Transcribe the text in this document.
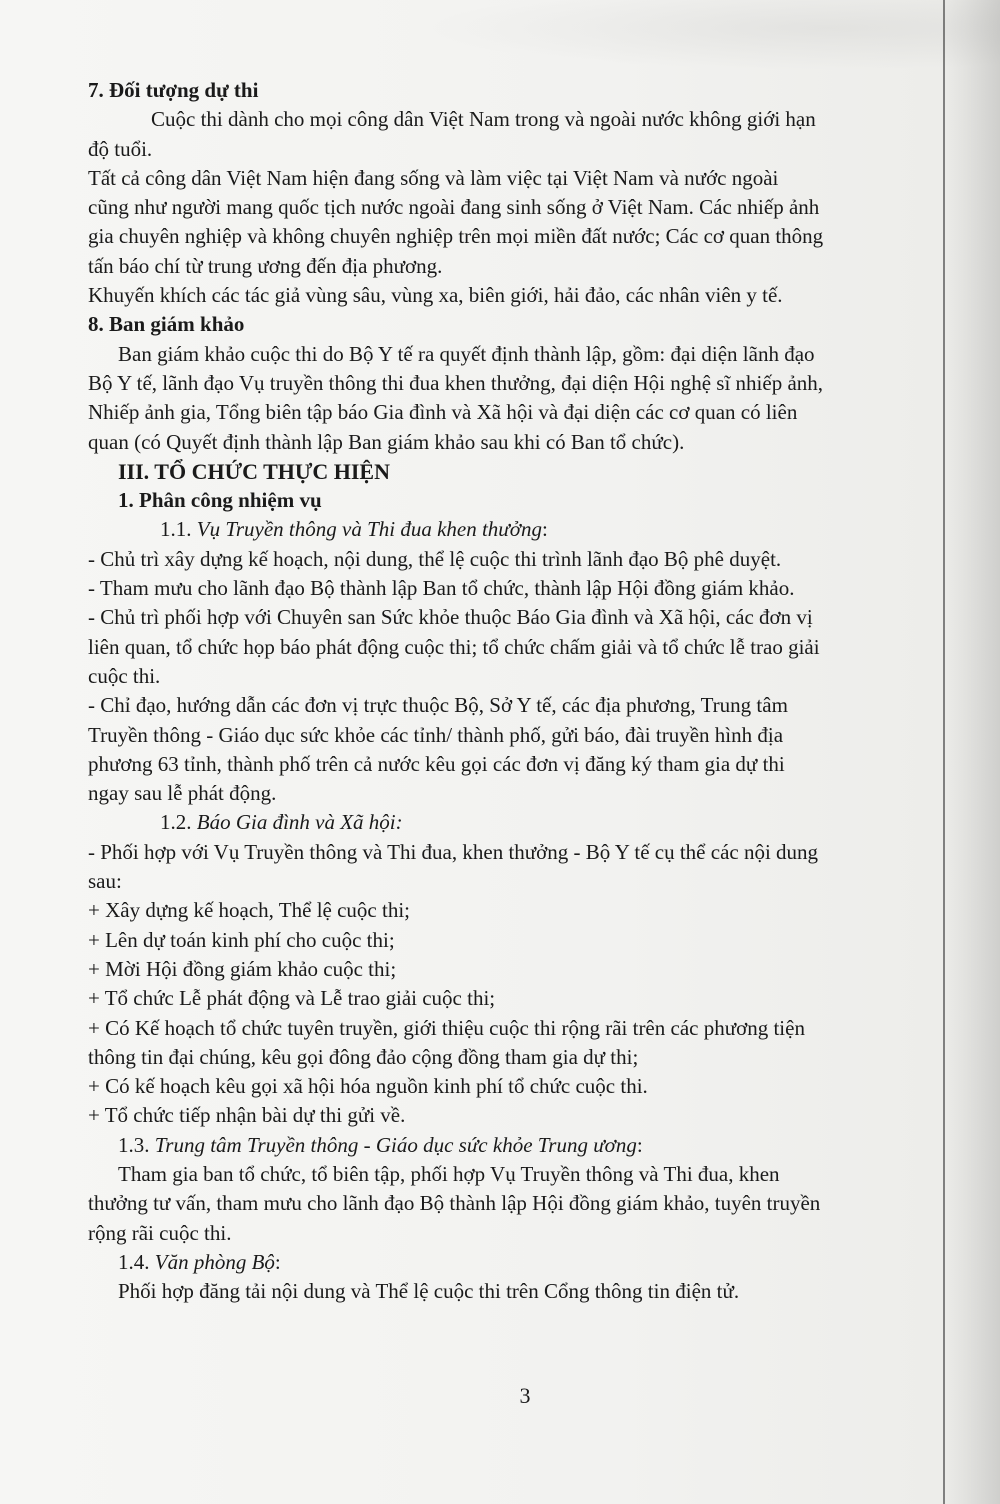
7. Đối tượng dự thi
Cuộc thi dành cho mọi công dân Việt Nam trong và ngoài nước không giới hạn
độ tuổi.
Tất cả công dân Việt Nam hiện đang sống và làm việc tại Việt Nam và nước ngoài
cũng như người mang quốc tịch nước ngoài đang sinh sống ở Việt Nam. Các nhiếp ảnh
gia chuyên nghiệp và không chuyên nghiệp trên mọi miền đất nước; Các cơ quan thông
tấn báo chí từ trung ương đến địa phương.
Khuyến khích các tác giả vùng sâu, vùng xa, biên giới, hải đảo, các nhân viên y tế.
8. Ban giám khảo
Ban giám khảo cuộc thi do Bộ Y tế ra quyết định thành lập, gồm: đại diện lãnh đạo
Bộ Y tế, lãnh đạo Vụ truyền thông thi đua khen thưởng, đại diện Hội nghệ sĩ nhiếp ảnh,
Nhiếp ảnh gia, Tổng biên tập báo Gia đình và Xã hội và đại diện các cơ quan có liên
quan (có Quyết định thành lập Ban giám khảo sau khi có Ban tổ chức).
III. TỔ CHỨC THỰC HIỆN
1. Phân công nhiệm vụ
1.1. Vụ Truyền thông và Thi đua khen thưởng:
- Chủ trì xây dựng kế hoạch, nội dung, thể lệ cuộc thi trình lãnh đạo Bộ phê duyệt.
- Tham mưu cho lãnh đạo Bộ thành lập Ban tổ chức, thành lập Hội đồng giám khảo.
- Chủ trì phối hợp với Chuyên san Sức khỏe thuộc Báo Gia đình và Xã hội, các đơn vị
liên quan, tổ chức họp báo phát động cuộc thi; tổ chức chấm giải và tổ chức lễ trao giải
cuộc thi.
- Chỉ đạo, hướng dẫn các đơn vị trực thuộc Bộ, Sở Y tế, các địa phương, Trung tâm
Truyền thông - Giáo dục sức khỏe các tỉnh/ thành phố, gửi báo, đài truyền hình địa
phương 63 tỉnh, thành phố trên cả nước kêu gọi các đơn vị đăng ký tham gia dự thi
ngay sau lễ phát động.
1.2. Báo Gia đình và Xã hội:
- Phối hợp với Vụ Truyền thông và Thi đua, khen thưởng - Bộ Y tế cụ thể các nội dung
sau:
+ Xây dựng kế hoạch, Thể lệ cuộc thi;
+ Lên dự toán kinh phí cho cuộc thi;
+ Mời Hội đồng giám khảo cuộc thi;
+ Tổ chức Lễ phát động và Lễ trao giải cuộc thi;
+ Có Kế hoạch tổ chức tuyên truyền, giới thiệu cuộc thi rộng rãi trên các phương tiện
thông tin đại chúng, kêu gọi đông đảo cộng đồng tham gia dự thi;
+ Có kế hoạch kêu gọi xã hội hóa nguồn kinh phí tổ chức cuộc thi.
+ Tổ chức tiếp nhận bài dự thi gửi về.
1.3. Trung tâm Truyền thông - Giáo dục sức khỏe Trung ương:
Tham gia ban tổ chức, tổ biên tập, phối hợp Vụ Truyền thông và Thi đua, khen
thưởng tư vấn, tham mưu cho lãnh đạo Bộ thành lập Hội đồng giám khảo, tuyên truyền
rộng rãi cuộc thi.
1.4. Văn phòng Bộ:
Phối hợp đăng tải nội dung và Thể lệ cuộc thi trên Cổng thông tin điện tử.
3
